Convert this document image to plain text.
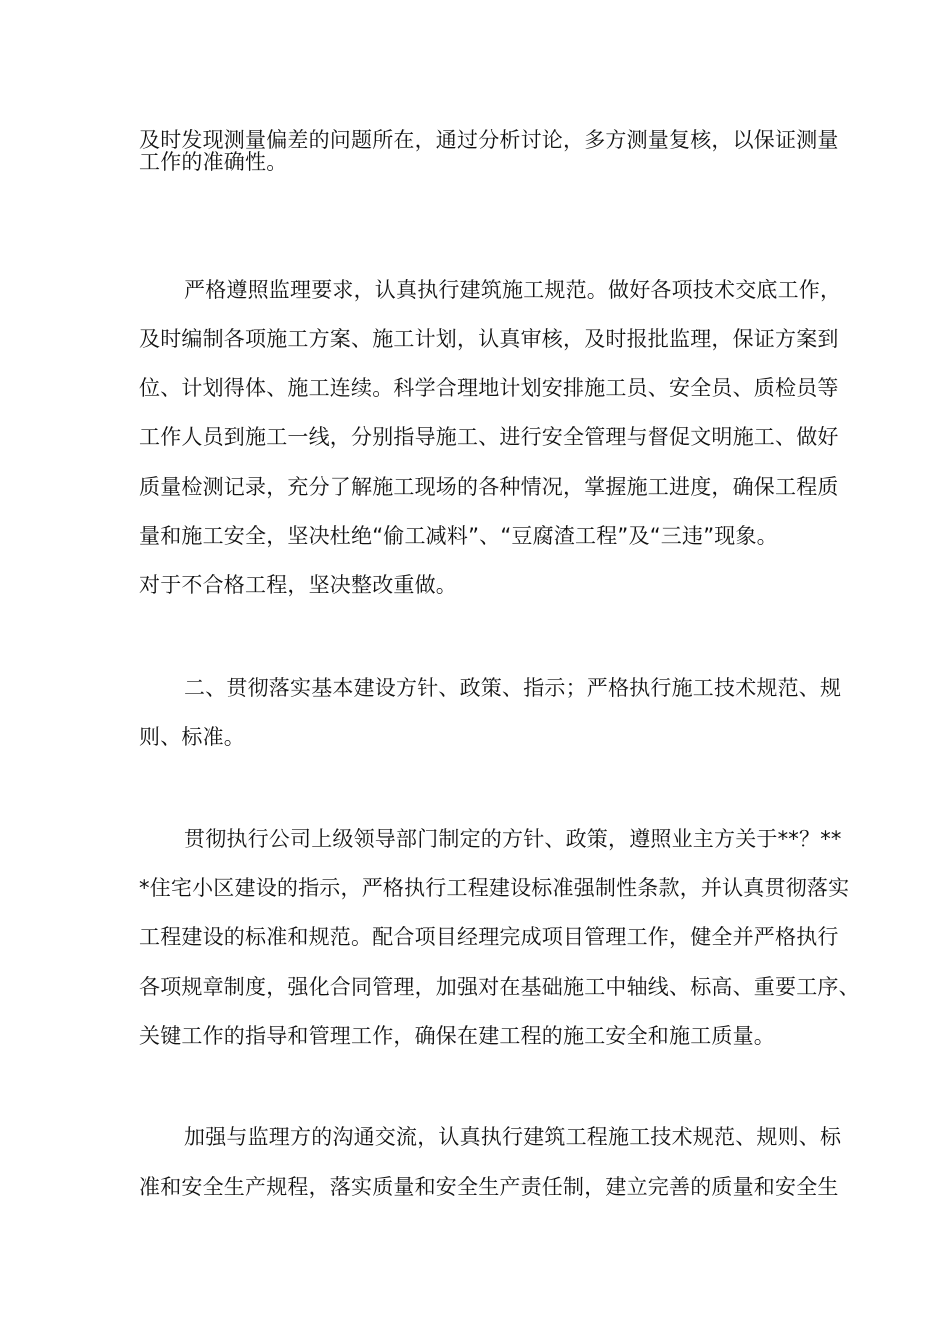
及时发现测量偏差的问题所在，通过分析讨论，多方测量复核，以保证测量
工作的准确性。
严格遵照监理要求，认真执行建筑施工规范。做好各项技术交底工作，
及时编制各项施工方案、施工计划，认真审核，及时报批监理，保证方案到
位、计划得体、施工连续。科学合理地计划安排施工员、安全员、质检员等
工作人员到施工一线，分别指导施工、进行安全管理与督促文明施工、做好
质量检测记录，充分了解施工现场的各种情况，掌握施工进度，确保工程质
量和施工安全，坚决杜绝“偷工减料”、“豆腐渣工程”及“三违”现象。
对于不合格工程，坚决整改重做。
二、贯彻落实基本建设方针、政策、指示；严格执行施工技术规范、规
则、标准。
贯彻执行公司上级领导部门制定的方针、政策，遵照业主方关于**？**
*住宅小区建设的指示，严格执行工程建设标准强制性条款，并认真贯彻落实
工程建设的标准和规范。配合项目经理完成项目管理工作，健全并严格执行
各项规章制度，强化合同管理，加强对在基础施工中轴线、标高、重要工序、
关键工作的指导和管理工作，确保在建工程的施工安全和施工质量。
加强与监理方的沟通交流，认真执行建筑工程施工技术规范、规则、标
准和安全生产规程，落实质量和安全生产责任制，建立完善的质量和安全生
